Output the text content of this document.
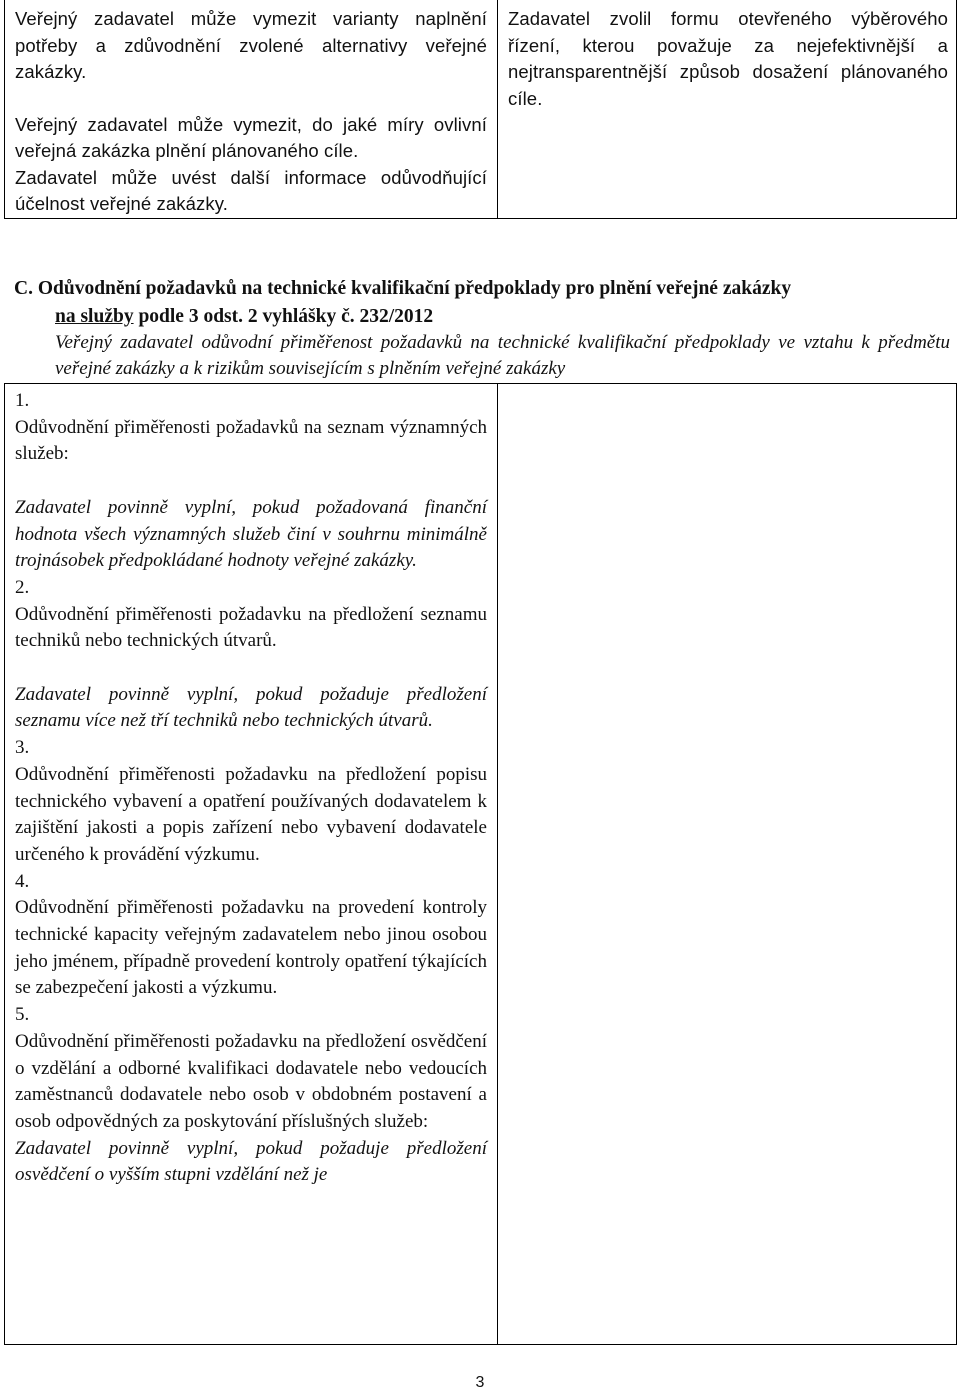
Veřejný zadavatel může vymezit varianty naplnění potřeby a zdůvodnění zvolené alternativy veřejné zakázky.

Veřejný zadavatel může vymezit, do jaké míry ovlivní veřejná zakázka plnění plánovaného cíle.

Zadavatel může uvést další informace odůvodňující účelnost veřejné zakázky.

Zadavatel zvolil formu otevřeného výběrového řízení, kterou považuje za nejefektivnější a nejtransparentnější způsob dosažení plánovaného cíle.

C. Odůvodnění požadavků na technické kvalifikační předpoklady pro plnění veřejné zakázky
na služby podle 3 odst. 2 vyhlášky č. 232/2012
Veřejný zadavatel odůvodní přiměřenost požadavků na technické kvalifikační předpoklady ve vztahu k předmětu veřejné zakázky a k rizikům souvisejícím s plněním veřejné zakázky

1.

Odůvodnění přiměřenosti požadavků na seznam významných služeb:

Zadavatel povinně vyplní, pokud požadovaná finanční hodnota všech významných služeb činí v souhrnu minimálně trojnásobek předpokládané hodnoty veřejné zakázky.

2.

Odůvodnění přiměřenosti požadavku na předložení seznamu techniků nebo technických útvarů.

Zadavatel povinně vyplní, pokud požaduje předložení seznamu více než tří techniků nebo technických útvarů.

3.

Odůvodnění přiměřenosti požadavku na předložení popisu technického vybavení a opatření používaných dodavatelem k zajištění jakosti a popis zařízení nebo vybavení dodavatele určeného k provádění výzkumu.

4.

Odůvodnění přiměřenosti požadavku na provedení kontroly technické kapacity veřejným zadavatelem nebo jinou osobou jeho jménem, případně provedení kontroly opatření týkajících se zabezpečení jakosti a výzkumu.

5.

Odůvodnění přiměřenosti požadavku na předložení osvědčení o vzdělání a odborné kvalifikaci dodavatele nebo vedoucích zaměstnanců dodavatele nebo osob v obdobném postavení a osob odpovědných za poskytování příslušných služeb:

Zadavatel povinně vyplní, pokud požaduje předložení osvědčení o vyšším stupni vzdělání než je

3
